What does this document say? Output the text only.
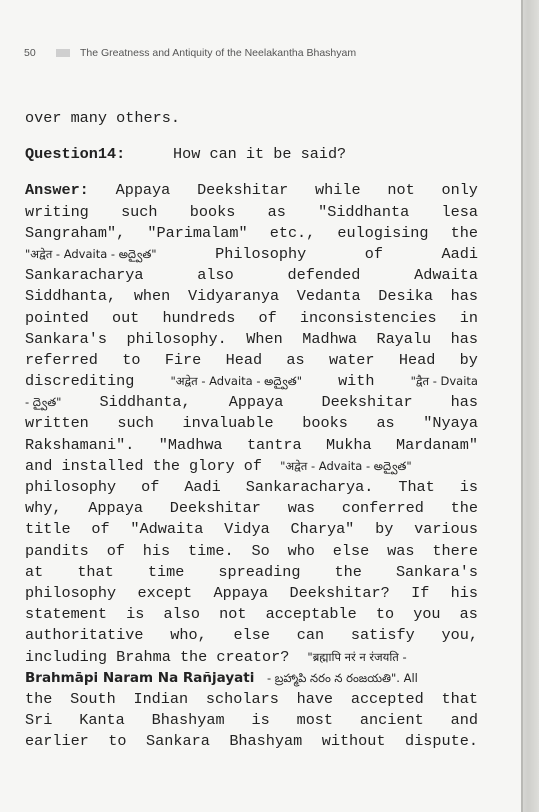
50	The Greatness and Antiquity of the Neelakantha Bhashyam
over many others.
Question14:	How can it be said?
Answer: Appaya Deekshitar while not only
writing such books as "Siddhanta lesa
Sangraham", "Parimalam" etc., eulogising the
"अद्वेत - Advaita - అద్వైత"	Philosophy	of	Aadi
Sankaracharya	also	defended	Adwaita
Siddhanta, when Vidyaranya Vedanta Desika has
pointed out hundreds of inconsistencies in
Sankara's philosophy. When Madhwa Rayalu has
referred to Fire Head as water Head by
discrediting "अद्वेत - Advaita - అద్వైత" with "द्वैत - Dvaita
- ద్వైత"	Siddhanta,	Appaya	Deekshitar	has
written such invaluable books as "Nyaya
Rakshamani". "Madhwa tantra Mukha Mardanam"
and installed the glory of "अद्वेत - Advaita - అద్వైత"
philosophy of Aadi Sankaracharya. That is
why, Appaya Deekshitar was conferred the
title of "Adwaita Vidya Charya" by various
pandits of his time. So who else was there
at that time spreading the Sankara's
philosophy except Appaya Deekshitar? If his
statement is also not acceptable to you as
authoritative who, else can satisfy you,
including Brahma the creator? "ब्रह्मापि नरं न रंजयति -
Brahmāpi Naram Na Rañjayati - బ్రహ్మాపి నరం న రంజయతి". All
the South Indian scholars have accepted that
Sri Kanta Bhashyam is most ancient and
earlier to Sankara Bhashyam without dispute.
